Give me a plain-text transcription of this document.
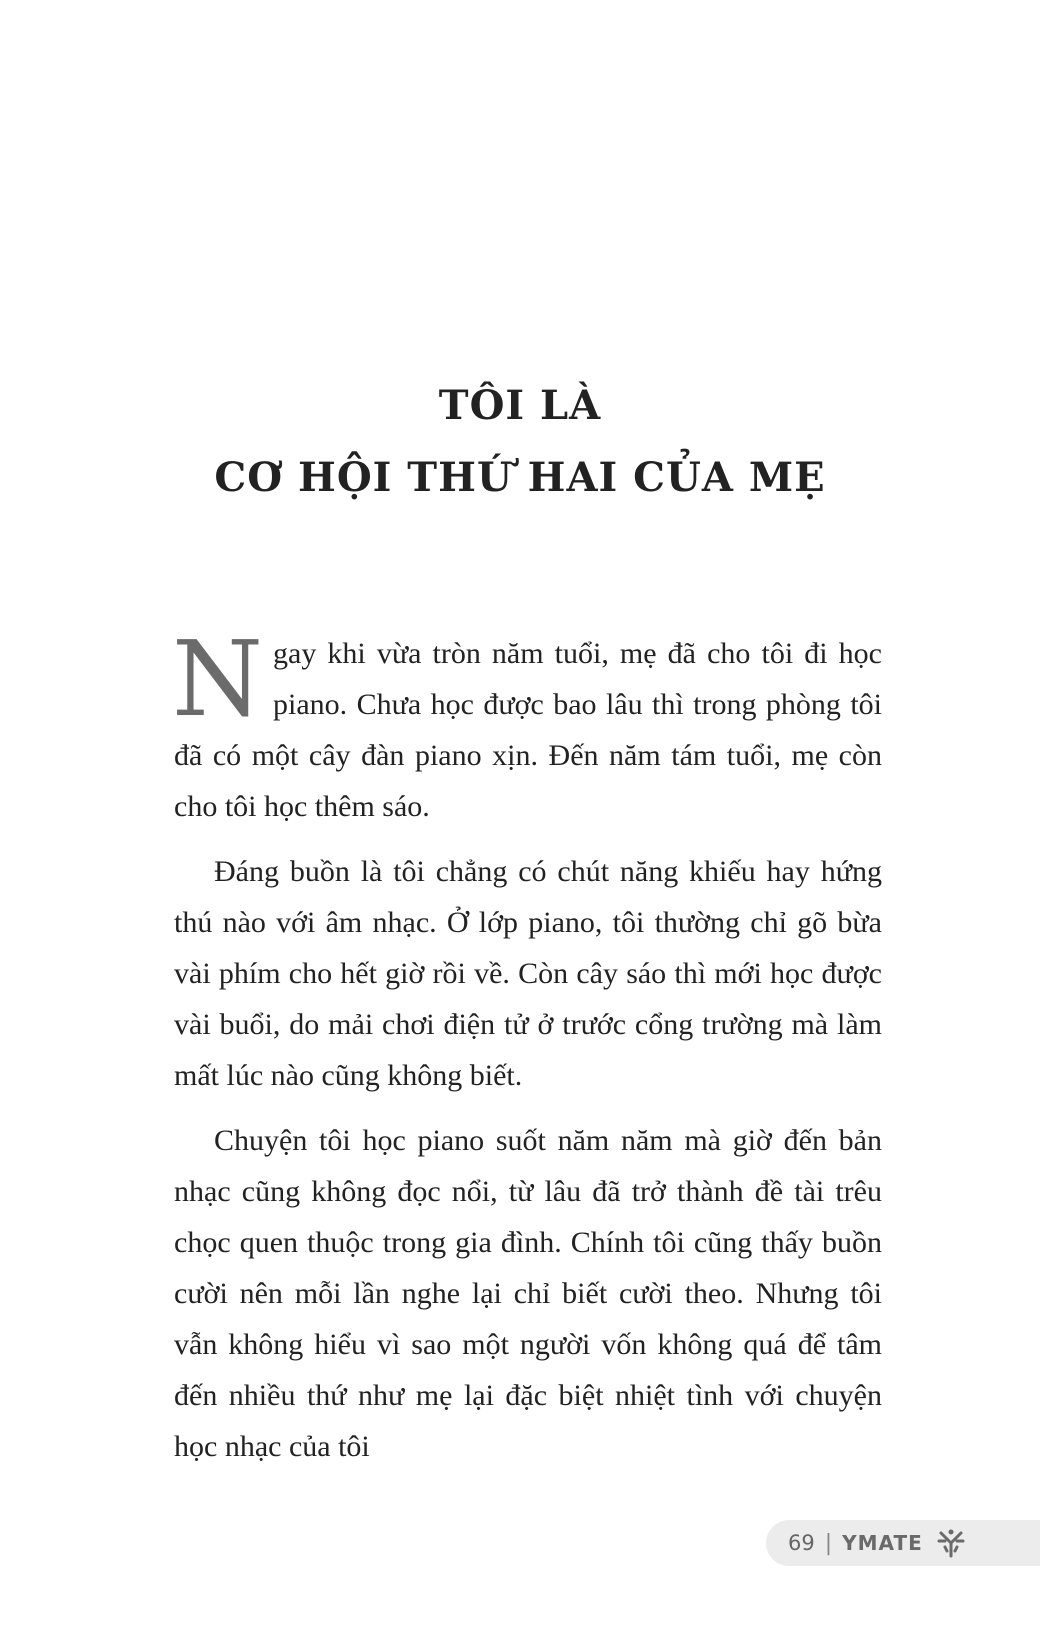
TÔI LÀ
CƠ HỘI THỨ HAI CỦA MẸ

Ngay khi vừa tròn năm tuổi, mẹ đã cho tôi đi học piano. Chưa học được bao lâu thì trong phòng tôi đã có một cây đàn piano xịn. Đến năm tám tuổi, mẹ còn cho tôi học thêm sáo.

Đáng buồn là tôi chẳng có chút năng khiếu hay hứng thú nào với âm nhạc. Ở lớp piano, tôi thường chỉ gõ bừa vài phím cho hết giờ rồi về. Còn cây sáo thì mới học được vài buổi, do mải chơi điện tử ở trước cổng trường mà làm mất lúc nào cũng không biết.

Chuyện tôi học piano suốt năm năm mà giờ đến bản nhạc cũng không đọc nổi, từ lâu đã trở thành đề tài trêu chọc quen thuộc trong gia đình. Chính tôi cũng thấy buồn cười nên mỗi lần nghe lại chỉ biết cười theo. Nhưng tôi vẫn không hiểu vì sao một người vốn không quá để tâm đến nhiều thứ như mẹ lại đặc biệt nhiệt tình với chuyện học nhạc của tôi

69 | YMATE
